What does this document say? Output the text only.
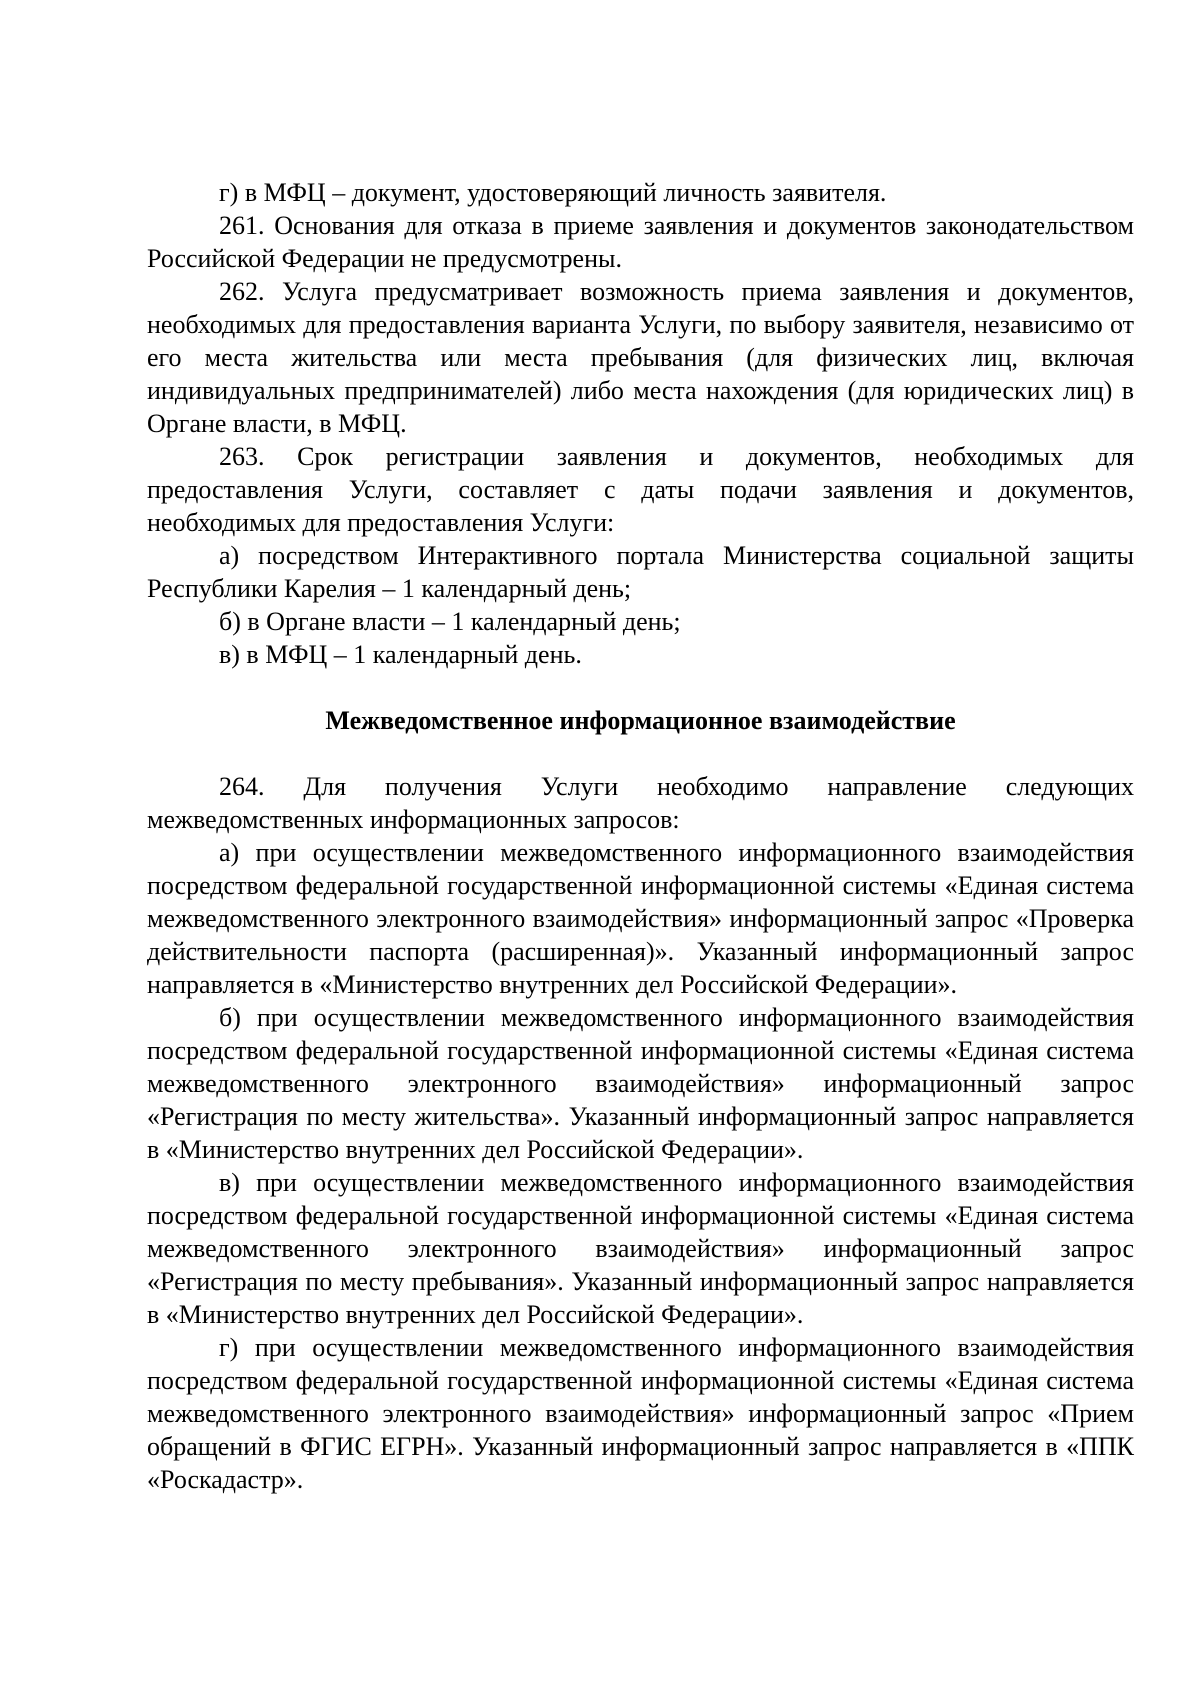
г) в МФЦ – документ, удостоверяющий личность заявителя.

261. Основания для отказа в приеме заявления и документов законодательством Российской Федерации не предусмотрены.

262. Услуга предусматривает возможность приема заявления и документов, необходимых для предоставления варианта Услуги, по выбору заявителя, независимо от его места жительства или места пребывания (для физических лиц, включая индивидуальных предпринимателей) либо места нахождения (для юридических лиц) в Органе власти, в МФЦ.

263. Срок регистрации заявления и документов, необходимых для предоставления Услуги, составляет с даты подачи заявления и документов, необходимых для предоставления Услуги:

а) посредством Интерактивного портала Министерства социальной защиты Республики Карелия – 1 календарный день;

б) в Органе власти – 1 календарный день;

в) в МФЦ – 1 календарный день.

Межведомственное информационное взаимодействие

264. Для получения Услуги необходимо направление следующих межведомственных информационных запросов:

а) при осуществлении межведомственного информационного взаимодействия посредством федеральной государственной информационной системы «Единая система межведомственного электронного взаимодействия» информационный запрос «Проверка действительности паспорта (расширенная)». Указанный информационный запрос направляется в «Министерство внутренних дел Российской Федерации».

б) при осуществлении межведомственного информационного взаимодействия посредством федеральной государственной информационной системы «Единая система межведомственного электронного взаимодействия» информационный запрос «Регистрация по месту жительства». Указанный информационный запрос направляется в «Министерство внутренних дел Российской Федерации».

в) при осуществлении межведомственного информационного взаимодействия посредством федеральной государственной информационной системы «Единая система межведомственного электронного взаимодействия» информационный запрос «Регистрация по месту пребывания». Указанный информационный запрос направляется в «Министерство внутренних дел Российской Федерации».

г) при осуществлении межведомственного информационного взаимодействия посредством федеральной государственной информационной системы «Единая система межведомственного электронного взаимодействия» информационный запрос «Прием обращений в ФГИС ЕГРН». Указанный информационный запрос направляется в «ППК «Роскадастр».
